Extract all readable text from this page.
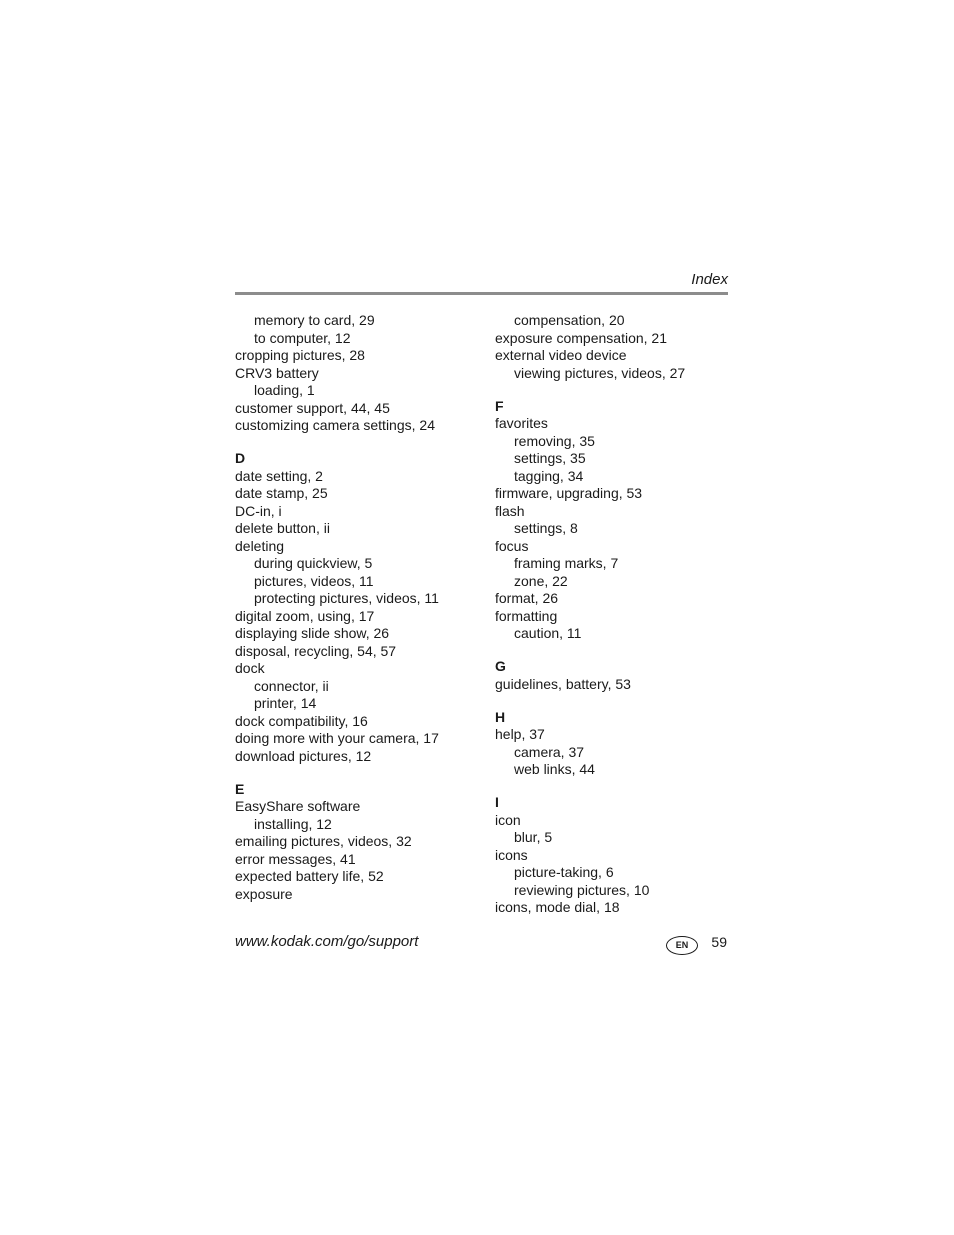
Index
memory to card, 29
to computer, 12
cropping pictures, 28
CRV3 battery
loading, 1
customer support, 44, 45
customizing camera settings, 24
D
date setting, 2
date stamp, 25
DC-in, i
delete button, ii
deleting
during quickview, 5
pictures, videos, 11
protecting pictures, videos, 11
digital zoom, using, 17
displaying slide show, 26
disposal, recycling, 54, 57
dock
connector, ii
printer, 14
dock compatibility, 16
doing more with your camera, 17
download pictures, 12
E
EasyShare software
installing, 12
emailing pictures, videos, 32
error messages, 41
expected battery life, 52
exposure
compensation, 20
exposure compensation, 21
external video device
viewing pictures, videos, 27
F
favorites
removing, 35
settings, 35
tagging, 34
firmware, upgrading, 53
flash
settings, 8
focus
framing marks, 7
zone, 22
format, 26
formatting
caution, 11
G
guidelines, battery, 53
H
help, 37
camera, 37
web links, 44
I
icon
blur, 5
icons
picture-taking, 6
reviewing pictures, 10
icons, mode dial, 18
www.kodak.com/go/support	EN	59
